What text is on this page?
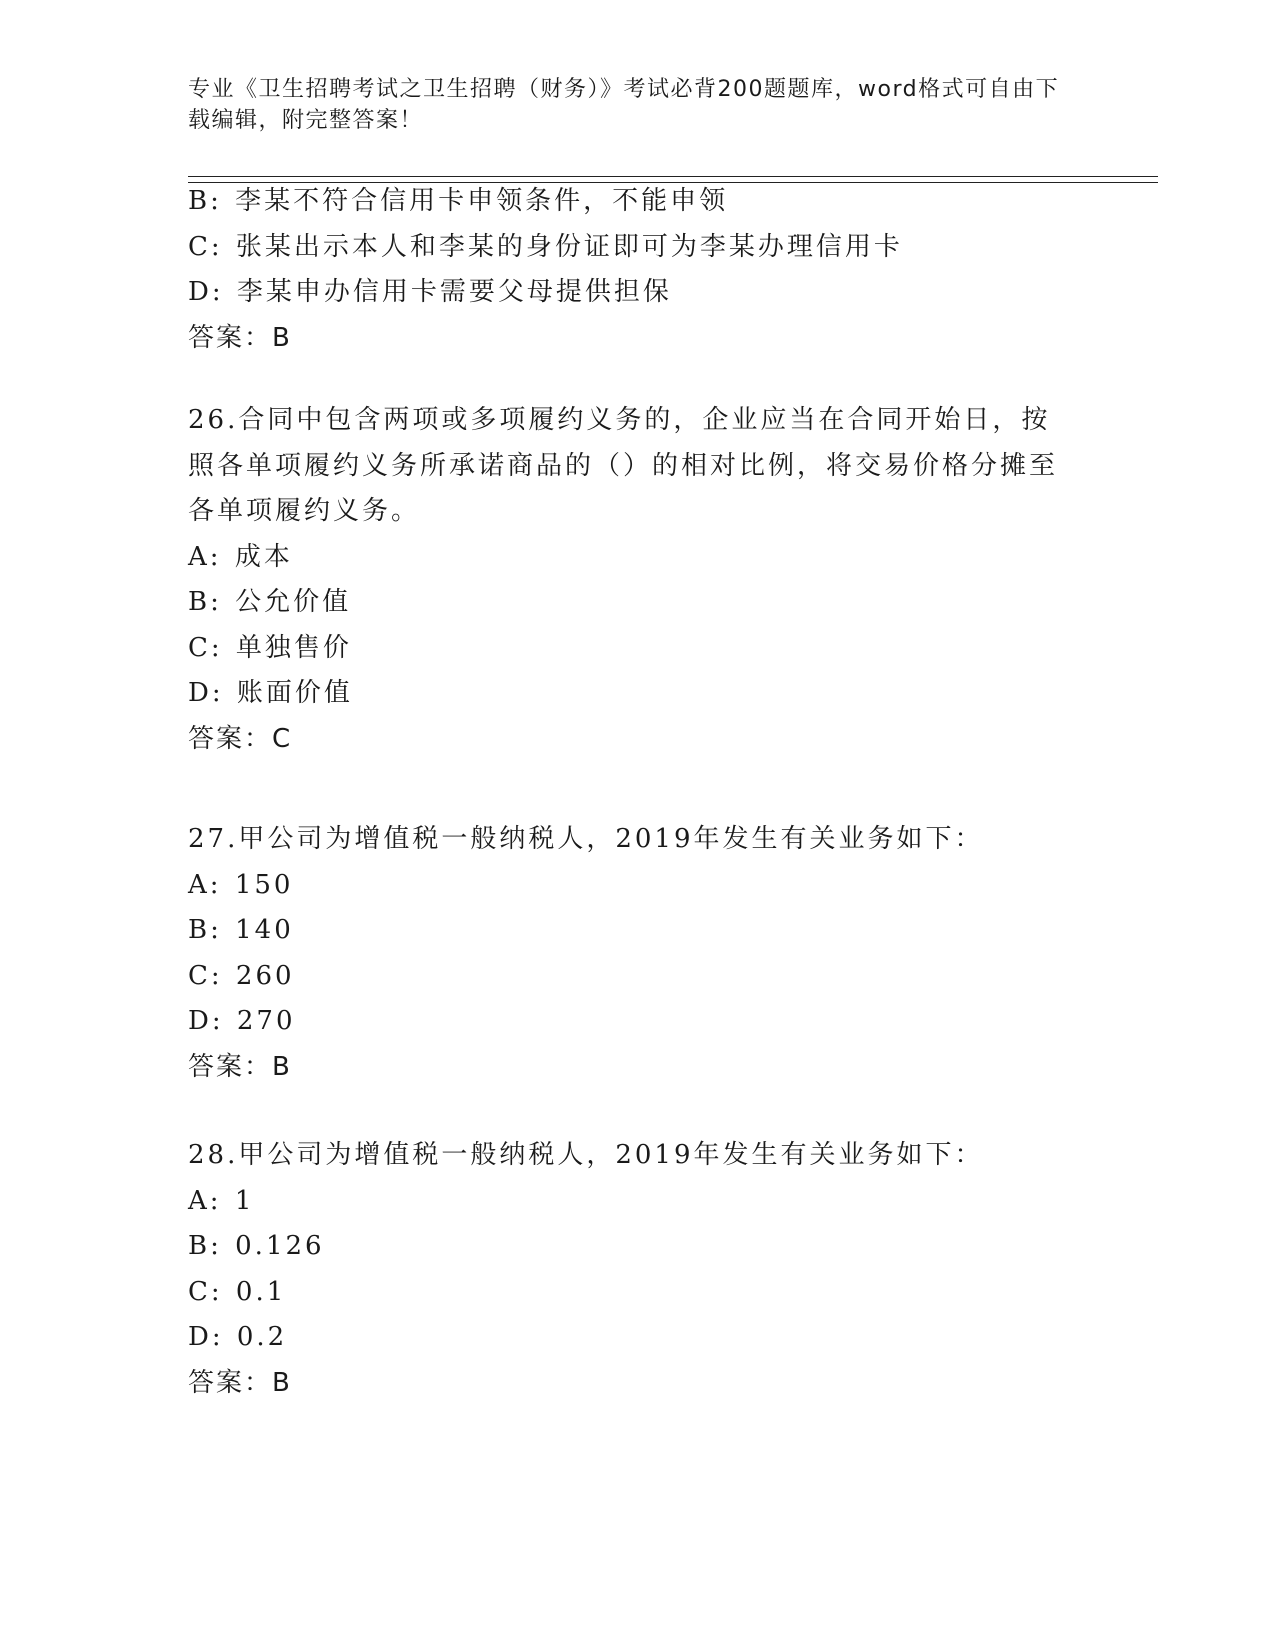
专业《卫生招聘考试之卫生招聘（财务）》考试必背200题题库，word格式可自由下载编辑，附完整答案！
B: 李某不符合信用卡申领条件，不能申领
C: 张某出示本人和李某的身份证即可为李某办理信用卡
D: 李某申办信用卡需要父母提供担保
答案：B

26.合同中包含两项或多项履约义务的，企业应当在合同开始日，按照各单项履约义务所承诺商品的（）的相对比例，将交易价格分摊至各单项履约义务。

A: 成本
B: 公允价值
C: 单独售价
D: 账面价值
答案：C
27.甲公司为增值税一般纳税人，2019年发生有关业务如下：
A: 150
B: 140
C: 260
D: 270
答案：B
28.甲公司为增值税一般纳税人，2019年发生有关业务如下：
A: 1
B: 0.126
C: 0.1
D: 0.2
答案：B
